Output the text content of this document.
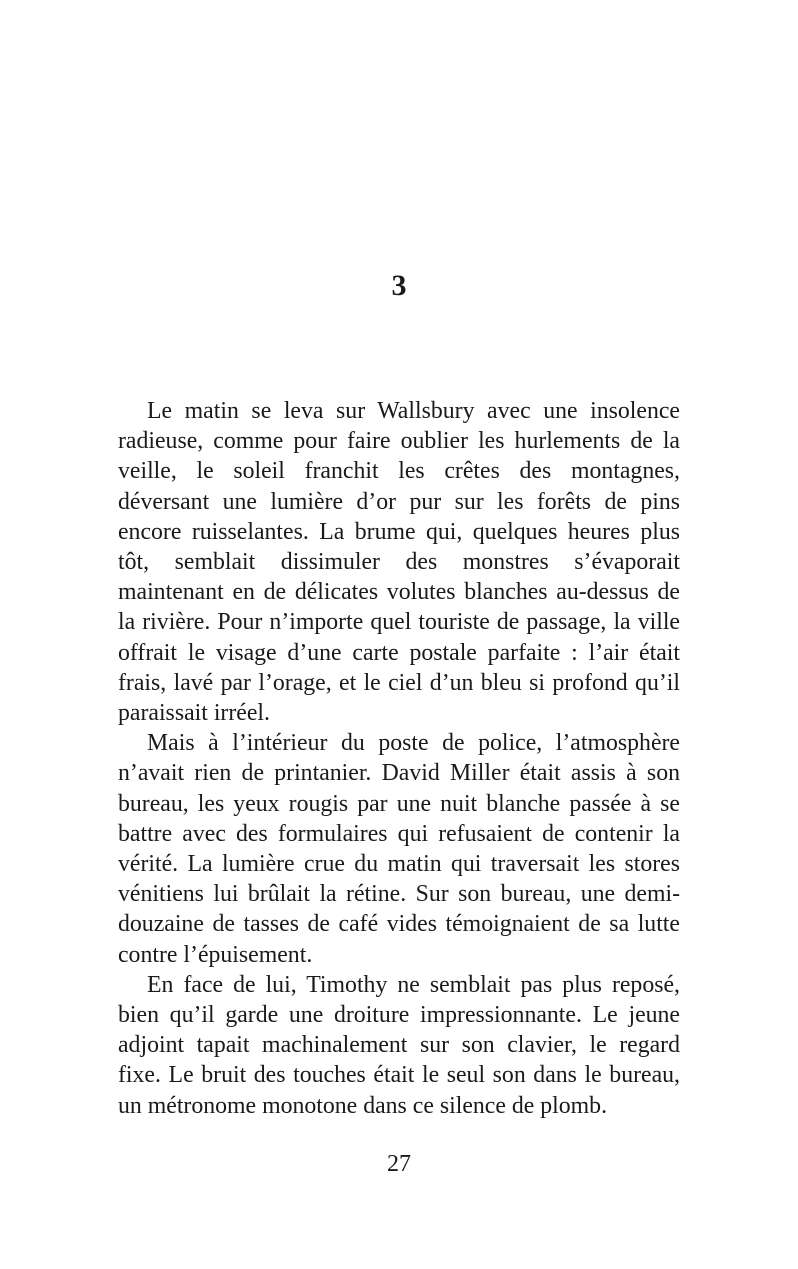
3

Le matin se leva sur Wallsbury avec une insolence radieuse, comme pour faire oublier les hurlements de la veille, le soleil franchit les crêtes des montagnes, déversant une lumière d’or pur sur les forêts de pins encore ruisselantes. La brume qui, quelques heures plus tôt, semblait dissimuler des monstres s’évaporait maintenant en de délicates volutes blanches au-dessus de la rivière. Pour n’importe quel touriste de passage, la ville offrait le visage d’une carte postale parfaite : l’air était frais, lavé par l’orage, et le ciel d’un bleu si profond qu’il paraissait irréel.

Mais à l’intérieur du poste de police, l’atmosphère n’avait rien de printanier. David Miller était assis à son bureau, les yeux rougis par une nuit blanche passée à se battre avec des formulaires qui refusaient de contenir la vérité. La lumière crue du matin qui traversait les stores vénitiens lui brûlait la rétine. Sur son bureau, une demi-douzaine de tasses de café vides témoignaient de sa lutte contre l’épuisement.

En face de lui, Timothy ne semblait pas plus reposé, bien qu’il garde une droiture impressionnante. Le jeune adjoint tapait machinalement sur son clavier, le regard fixe. Le bruit des touches était le seul son dans le bureau, un métronome monotone dans ce silence de plomb.

27
